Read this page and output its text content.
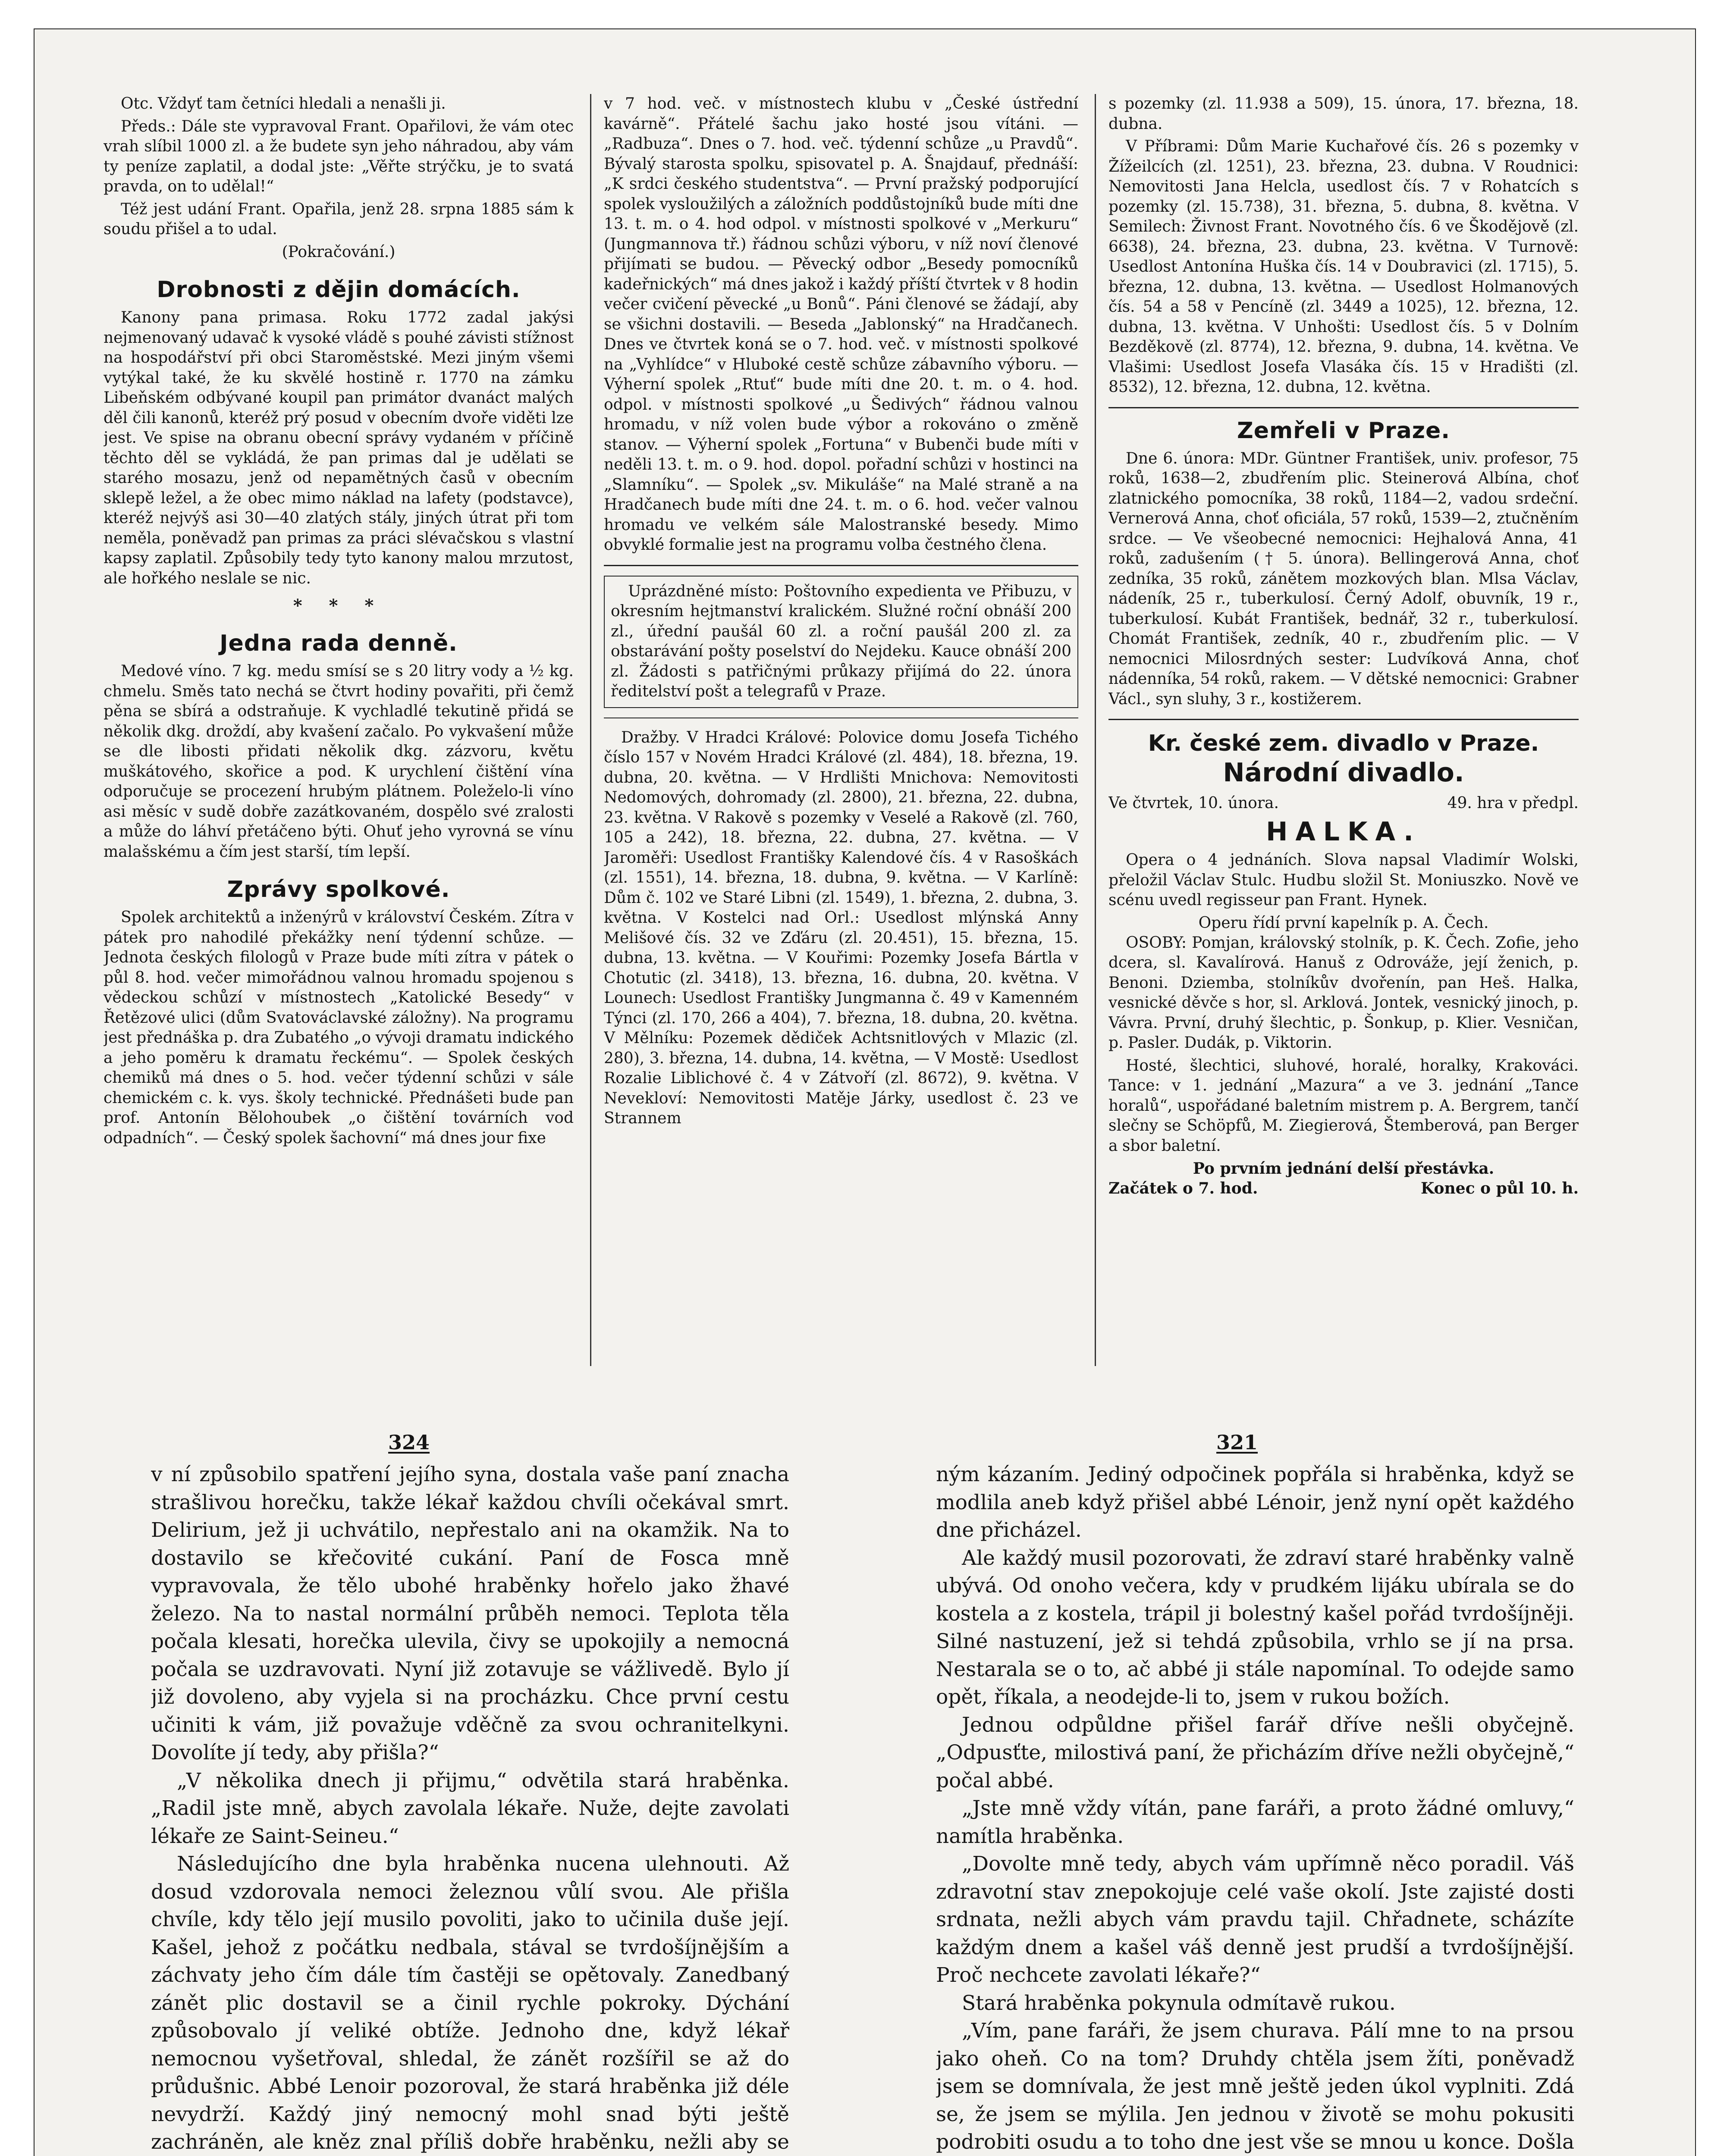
Otc. Vždyť tam četníci hledali a nenašli ji.

Předs.: Dále ste vypravoval Frant. Opařilovi, že vám otec vrah slíbil 1000 zl. a že budete syn jeho náhradou, aby vám ty peníze zaplatil, a dodal jste: „Věřte strýčku, je to svatá pravda, on to udělal!“

Též jest udání Frant. Opařila, jenž 28. srpna 1885 sám k soudu přišel a to udal.

(Pokračování.)

Drobnosti z dějin domácích.

Kanony pana primasa. Roku 1772 zadal jakýsi nejmenovaný udavač k vysoké vládě s pouhé závisti stížnost na hospodářství při obci Staroměstské. Mezi jiným všemi vytýkal také, že ku skvělé hostině r. 1770 na zámku Libeňském odbývané koupil pan primátor dvanáct malých děl čili kanonů, kteréž prý posud v obecním dvoře viděti lze jest. Ve spise na obranu obecní správy vydaném v příčině těchto děl se vykládá, že pan primas dal je udělati se starého mosazu, jenž od nepamětných časů v obecním sklepě ležel, a že obec mimo náklad na lafety (podstavce), kteréž nejvýš asi 30—40 zlatých stály, jiných útrat při tom neměla, poněvadž pan primas za práci slévačskou s vlastní kapsy zaplatil. Způsobily tedy tyto kanony malou mrzutost, ale hořkého neslale se nic.

* * *
Jedna rada denně.

Medové víno. 7 kg. medu smísí se s 20 litry vody a ½ kg. chmelu. Směs tato nechá se čtvrt hodiny povařiti, při čemž pěna se sbírá a odstraňuje. K vychladlé tekutině přidá se několik dkg. droždí, aby kvašení začalo. Po vykvašení může se dle libosti přidati několik dkg. zázvoru, květu muškátového, skořice a pod. K urychlení čištění vína odporučuje se procezení hrubým plátnem. Poleželo-li víno asi měsíc v sudě dobře zazátkovaném, dospělo své zralosti a může do láhví přetáčeno býti. Ohuť jeho vyrovná se vínu malašskému a čím jest starší, tím lepší.

Zprávy spolkové.

Spolek architektů a inženýrů v království Českém. Zítra v pátek pro nahodilé překážky není týdenní schůze. — Jednota českých filologů v Praze bude míti zítra v pátek o půl 8. hod. večer mimořádnou valnou hromadu spojenou s vědeckou schůzí v místnostech „Katolické Besedy“ v Řetězové ulici (dům Svatováclavské záložny). Na programu jest přednáška p. dra Zubatého „o vývoji dramatu indického a jeho poměru k dramatu řeckému“. — Spolek českých chemiků má dnes o 5. hod. večer týdenní schůzi v sále chemickém c. k. vys. školy technické. Přednášeti bude pan prof. Antonín Bělohoubek „o čištění továrních vod odpadních“. — Český spolek šachovní“ má dnes jour fixe

v 7 hod. več. v místnostech klubu v „České ústřední kavárně“. Přátelé šachu jako hosté jsou vítáni. — „Radbuza“. Dnes o 7. hod. več. týdenní schůze „u Pravdů“. Bývalý starosta spolku, spisovatel p. A. Šnajdauf, přednáší: „K srdci českého studentstva“. — První pražský podporující spolek vysloužilých a záložních poddůstojníků bude míti dne 13. t. m. o 4. hod odpol. v místnosti spolkové v „Merkuru“ (Jungmannova tř.) řádnou schůzi výboru, v níž noví členové přijímati se budou. — Pěvecký odbor „Besedy pomocníků kadeřnických“ má dnes jakož i každý příští čtvrtek v 8 hodin večer cvičení pěvecké „u Bonů“. Páni členové se žádají, aby se všichni dostavili. — Beseda „Jablonský“ na Hradčanech. Dnes ve čtvrtek koná se o 7. hod. več. v místnosti spolkové na „Vyhlídce“ v Hluboké cestě schůze zábavního výboru. — Výherní spolek „Rtuť“ bude míti dne 20. t. m. o 4. hod. odpol. v místnosti spolkové „u Šedivých“ řádnou valnou hromadu, v níž volen bude výbor a rokováno o změně stanov. — Výherní spolek „Fortuna“ v Bubenči bude míti v neděli 13. t. m. o 9. hod. dopol. pořadní schůzi v hostinci na „Slamníku“. — Spolek „sv. Mikuláše“ na Malé straně a na Hradčanech bude míti dne 24. t. m. o 6. hod. večer valnou hromadu ve velkém sále Malostranské besedy. Mimo obvyklé formalie jest na programu volba čestného člena.

Uprázdněné místo: Poštovního expedienta ve Přibuzu, v okresním hejtmanství kralickém. Služné roční obnáší 200 zl., úřední paušál 60 zl. a roční paušál 200 zl. za obstarávání pošty poselství do Nejdeku. Kauce obnáší 200 zl. Žádosti s patřičnými průkazy přijímá do 22. února ředitelství pošt a telegrafů v Praze.

Dražby. V Hradci Králové: Polovice domu Josefa Tichého číslo 157 v Novém Hradci Králové (zl. 484), 18. března, 19. dubna, 20. května. — V Hrdlišti Mnichova: Nemovitosti Nedomových, dohromady (zl. 2800), 21. března, 22. dubna, 23. května. V Rakově s pozemky v Veselé a Rakově (zl. 760, 105 a 242), 18. března, 22. dubna, 27. května. — V Jaroměři: Usedlost Františky Kalendové čís. 4 v Rasoškách (zl. 1551), 14. března, 18. dubna, 9. května. — V Karlíně: Dům č. 102 ve Staré Libni (zl. 1549), 1. března, 2. dubna, 3. května. V Kostelci nad Orl.: Usedlost mlýnská Anny Melišové čís. 32 ve Zďáru (zl. 20.451), 15. března, 15. dubna, 13. května. — V Kouřimi: Pozemky Josefa Bártla v Chotutic (zl. 3418), 13. března, 16. dubna, 20. května. V Lounech: Usedlost Františky Jungmanna č. 49 v Kamenném Týnci (zl. 170, 266 a 404), 7. března, 18. dubna, 20. května. V Mělníku: Pozemek dědiček Achtsnitlových v Mlazic (zl. 280), 3. března, 14. dubna, 14. května, — V Mostě: Usedlost Rozalie Liblichové č. 4 v Zátvoří (zl. 8672), 9. května. V Nevekloví: Nemovitosti Matěje Járky, usedlost č. 23 ve Strannem

s pozemky (zl. 11.938 a 509), 15. února, 17. března, 18. dubna.

V Příbrami: Dům Marie Kuchařové čís. 26 s pozemky v Žížeilcích (zl. 1251), 23. března, 23. dubna. V Roudnici: Nemovitosti Jana Helcla, usedlost čís. 7 v Rohatcích s pozemky (zl. 15.738), 31. března, 5. dubna, 8. května. V Semilech: Živnost Frant. Novotného čís. 6 ve Škodějově (zl. 6638), 24. března, 23. dubna, 23. května. V Turnově: Usedlost Antonína Huška čís. 14 v Doubravici (zl. 1715), 5. března, 12. dubna, 13. května. — Usedlost Holmanových čís. 54 a 58 v Pencíně (zl. 3449 a 1025), 12. března, 12. dubna, 13. května. V Unhošti: Usedlost čís. 5 v Dolním Bezděkově (zl. 8774), 12. března, 9. dubna, 14. května. Ve Vlašimi: Usedlost Josefa Vlasáka čís. 15 v Hradišti (zl. 8532), 12. března, 12. dubna, 12. května.

Zemřeli v Praze.

Dne 6. února: MDr. Güntner František, univ. profesor, 75 roků, 1638—2, zbudřením plic. Steinerová Albína, choť zlatnického pomocníka, 38 roků, 1184—2, vadou srdeční. Vernerová Anna, choť oficiála, 57 roků, 1539—2, ztučněním srdce. — Ve všeobecné nemocnici: Hejhalová Anna, 41 roků, zadušením († 5. února). Bellingerová Anna, choť zedníka, 35 roků, zánětem mozkových blan. Mlsa Václav, nádeník, 25 r., tuberkulosí. Černý Adolf, obuvník, 19 r., tuberkulosí. Kubát František, bednář, 32 r., tuberkulosí. Chomát František, zedník, 40 r., zbudřením plic. — V nemocnici Milosrdných sester: Ludvíková Anna, choť nádenníka, 54 roků, rakem. — V dětské nemocnici: Grabner Václ., syn sluhy, 3 r., kostižerem.

Kr. české zem. divadlo v Praze.
Národní divadlo.
Ve čtvrtek, 10. února.	49. hra v předpl.
HALKA.

Opera o 4 jednáních. Slova napsal Vladimír Wolski, přeložil Václav Stulc. Hudbu složil St. Moniuszko. Nově ve scénu uvedl regisseur pan Frant. Hynek.

Operu řídí první kapelník p. A. Čech.

OSOBY: Pomjan, královský stolník, p. K. Čech. Zofie, jeho dcera, sl. Kavalírová. Hanuš z Odrováže, její ženich, p. Benoni. Dziemba, stolníkův dvořenín, pan Heš. Halka, vesnické děvče s hor, sl. Arklová. Jontek, vesnický jinoch, p. Vávra. První, druhý šlechtic, p. Šonkup, p. Klier. Vesničan, p. Pasler. Dudák, p. Viktorin.

Hosté, šlechtici, sluhové, horalé, horalky, Krakováci. Tance: v 1. jednání „Mazura“ a ve 3. jednání „Tance horalů“, uspořádané baletním mistrem p. A. Bergrem, tančí slečny se Schöpfů, M. Ziegierová, Štemberová, pan Berger a sbor baletní.

Po prvním jednání delší přestávka.
Začátek o 7. hod.	Konec o půl 10. h.
324	321

v ní způsobilo spatření jejího syna, dostala vaše paní znacha strašlivou horečku, takže lékař každou chvíli očekával smrt. Delirium, jež ji uchvátilo, nepřestalo ani na okamžik. Na to dostavilo se křečovité cukání. Paní de Fosca mně vypravovala, že tělo ubohé hraběnky hořelo jako žhavé železo. Na to nastal normální průběh nemoci. Teplota těla počala klesati, horečka ulevila, čivy se upokojily a nemocná počala se uzdravovati. Nyní již zotavuje se vážlivedě. Bylo jí již dovoleno, aby vyjela si na procházku. Chce první cestu učiniti k vám, již považuje vděčně za svou ochranitelkyni. Dovolíte jí tedy, aby přišla?“

„V několika dnech ji přijmu,“ odvětila stará hraběnka. „Radil jste mně, abych zavolala lékaře. Nuže, dejte zavolati lékaře ze Saint-Seineu.“

Následujícího dne byla hraběnka nucena ulehnouti. Až dosud vzdorovala nemoci železnou vůlí svou. Ale přišla chvíle, kdy tělo její musilo povoliti, jako to učinila duše její. Kašel, jehož z počátku nedbala, stával se tvrdošíjnějším a záchvaty jeho čím dále tím častěji se opětovaly. Zanedbaný zánět plic dostavil se a činil rychle pokroky. Dýchání způsobovalo jí veliké obtíže. Jednoho dne, když lékař nemocnou vyšetřoval, shledal, že zánět rozšířil se až do průdušnic. Abbé Lenoir pozoroval, že stará hraběnka již déle nevydrží. Každý jiný nemocný mohl snad býti ještě zachráněn, ale kněz znal příliš dobře hraběnku, nežli aby se

ným kázaním. Jediný odpočinek popřála si hraběnka, když se modlila aneb když přišel abbé Lénoir, jenž nyní opět každého dne přicházel.

Ale každý musil pozorovati, že zdraví staré hraběnky valně ubývá. Od onoho večera, kdy v prudkém lijáku ubírala se do kostela a z kostela, trápil ji bolestný kašel pořád tvrdošíjněji. Silné nastuzení, jež si tehdá způsobila, vrhlo se jí na prsa. Nestarala se o to, ač abbé ji stále napomínal. To odejde samo opět, říkala, a neodejde-li to, jsem v rukou božích.

Jednou odpůldne přišel farář dříve nešli obyčejně. „Odpusťte, milostivá paní, že přicházím dříve nežli obyčejně,“ počal abbé.

„Jste mně vždy vítán, pane faráři, a proto žádné omluvy,“ namítla hraběnka.

„Dovolte mně tedy, abych vám upřímně něco poradil. Váš zdravotní stav znepokojuje celé vaše okolí. Jste zajisté dosti srdnata, nežli abych vám pravdu tajil. Chřadnete, scházíte každým dnem a kašel váš denně jest prudší a tvrdošíjnější. Proč nechcete zavolati lékaře?“

Stará hraběnka pokynula odmítavě rukou.

„Vím, pane faráři, že jsem churava. Pálí mne to na prsou jako oheň. Co na tom? Druhdy chtěla jsem žíti, poněvadž jsem se domnívala, že jest mně ještě jeden úkol vyplniti. Zdá se, že jsem se mýlila. Jen jednou v životě se mohu pokusiti podrobiti osudu a to toho dne jest vše se mnou u konce. Došla
